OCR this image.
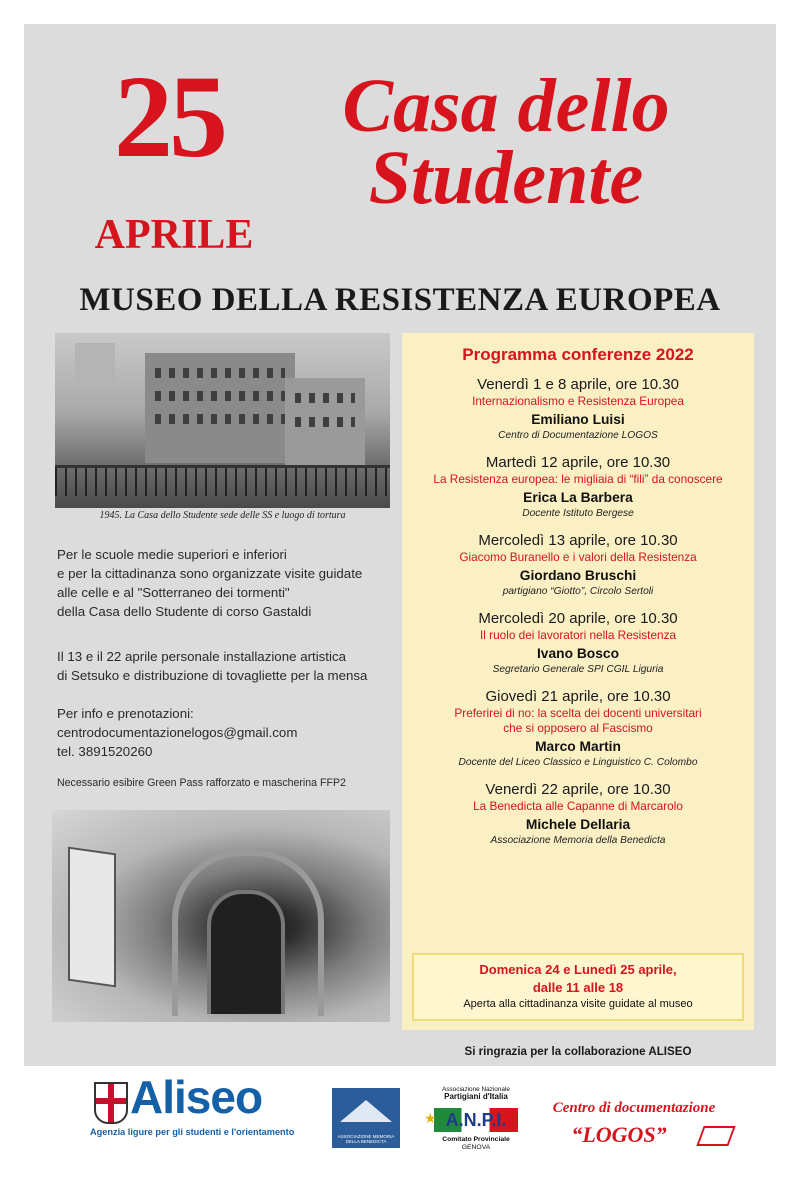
25
APRILE
Casa dello
Studente
MUSEO DELLA RESISTENZA EUROPEA
1945. La Casa dello Studente sede delle SS e luogo di tortura

Per le scuole medie superiori e inferiori

e per la cittadinanza sono organizzate visite guidate

alle celle e al "Sotterraneo dei tormenti"

della Casa dello Studente di corso Gastaldi

Il 13 e il 22 aprile personale installazione artistica

di Setsuko e distribuzione di tovagliette per la mensa

Per info e prenotazioni:

centrodocumentazionelogos@gmail.com

tel. 3891520260

Necessario esibire Green Pass rafforzato e mascherina FFP2
Programma conferenze 2022
Venerdì 1 e 8 aprile, ore 10.30
Internazionalismo e Resistenza Europea
Emiliano Luisi
Centro di Documentazione LOGOS
Martedì 12 aprile, ore 10.30
La Resistenza europea: le migliaia di “fili” da conoscere
Erica La Barbera
Docente Istituto Bergese
Mercoledì 13 aprile, ore 10.30
Giacomo Buranello e i valori della Resistenza
Giordano Bruschi
partigiano “Giotto”, Circolo Sertoli
Mercoledì 20 aprile, ore 10.30
Il ruolo dei lavoratori nella Resistenza
Ivano Bosco
Segretario Generale SPI CGIL Liguria
Giovedì 21 aprile, ore 10.30
Preferirei di no: la scelta dei docenti universitari
che si opposero al Fascismo
Marco Martin
Docente del Liceo Classico e Linguistico C. Colombo
Venerdì 22 aprile, ore 10.30
La Benedicta alle Capanne di Marcarolo
Michele Dellaria
Associazione Memoria della Benedicta
Domenica 24 e Lunedì 25 aprile,
dalle 11 alle 18
Aperta alla cittadinanza visite guidate al museo
Si ringrazia per la collaborazione ALISEO
Aliseo
Agenzia ligure per gli studenti e l'orientamento	ASSOCIAZIONE MEMORIA DELLA BENEDICTA
Associazione Nazionale
Partigiani d'Italia
★ A.N.P.I.
Comitato Provinciale
GENOVA
Centro di documentazione
“LOGOS”
